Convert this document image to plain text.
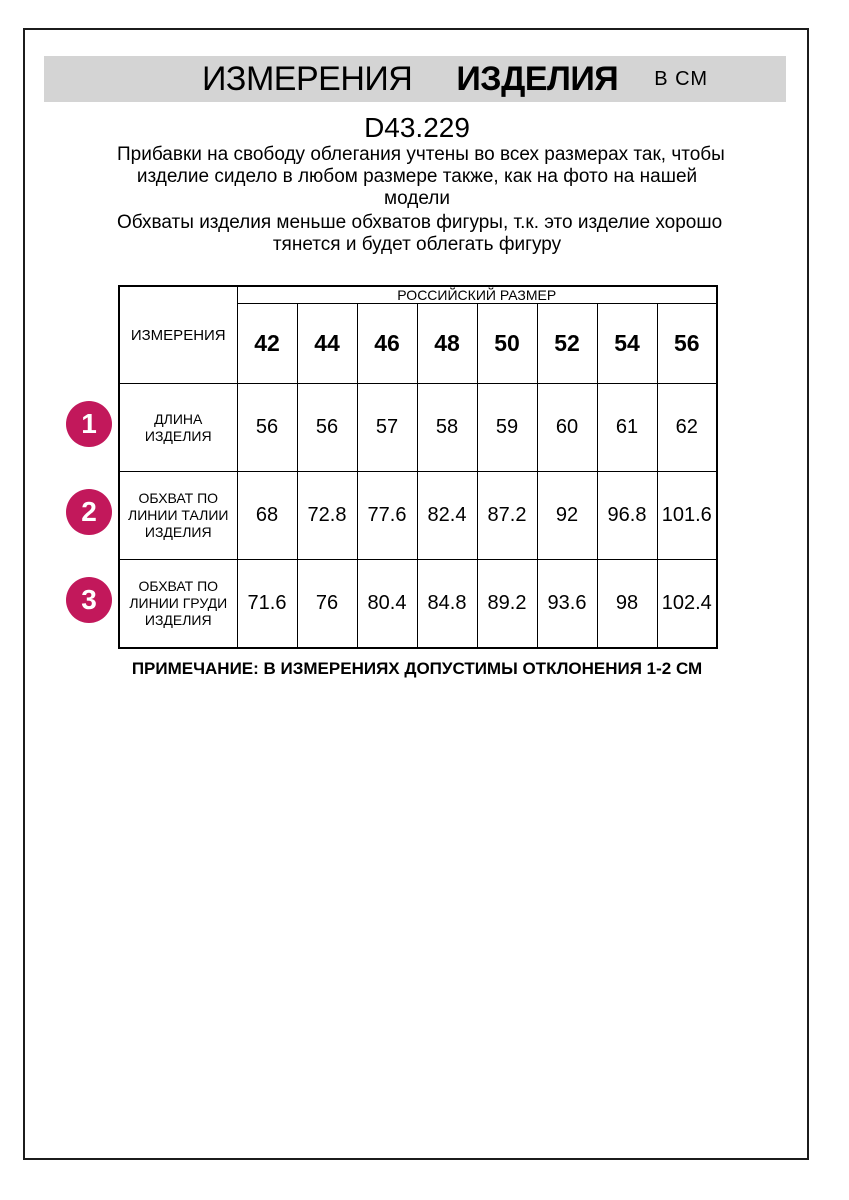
ИЗМЕРЕНИЯ ИЗДЕЛИЯ В СМ
D43.229
Прибавки на свободу облегания учтены во всех размерах так, чтобы
изделие сидело в любом размере также, как на фото на нашей
модели
Обхваты изделия меньше обхватов фигуры, т.к. это изделие хорошо
тянется и будет облегать фигуру
ИЗМЕРЕНИЯ	РОССИЙСКИЙ РАЗМЕР							
	42	44	46	48	50	52	54	56
ДЛИНА ИЗДЕЛИЯ	56	56	57	58	59	60	61	62
ОБХВАТ ПО ЛИНИИ ТАЛИИ ИЗДЕЛИЯ	68	72.8	77.6	82.4	87.2	92	96.8	101.6
ОБХВАТ ПО ЛИНИИ ГРУДИ ИЗДЕЛИЯ	71.6	76	80.4	84.8	89.2	93.6	98	102.4
1
2
3
ПРИМЕЧАНИЕ: В ИЗМЕРЕНИЯХ ДОПУСТИМЫ ОТКЛОНЕНИЯ 1-2 СМ
